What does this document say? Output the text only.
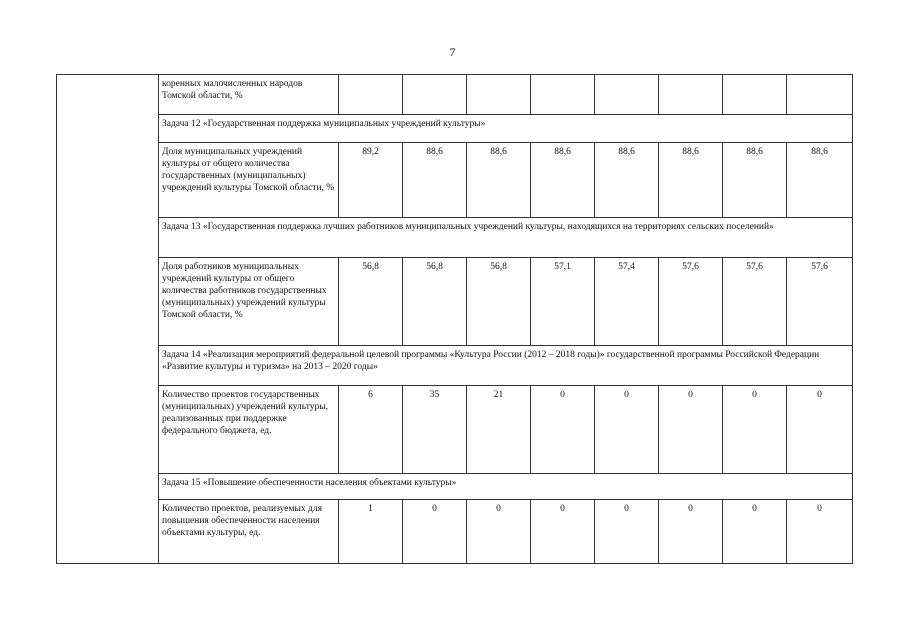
7
	коренных малочисленных народов Томской области, %								
	Задача 12 «Государственная поддержка муниципальных учреждений культуры»								
	Доля муниципальных учреждений культуры от общего количества государственных (муниципальных) учреждений культуры Томской области, %	89,2	88,6	88,6	88,6	88,6	88,6	88,6	88,6
	Задача 13 «Государственная поддержка лучших работников муниципальных учреждений культуры, находящихся на территориях сельских поселений»								
	Доля работников муниципальных учреждений культуры от общего количества работников государственных (муниципальных) учреждений культуры Томской области, %	56,8	56,8	56,8	57,1	57,4	57,6	57,6	57,6
	Задача 14 «Реализация мероприятий федеральной целевой программы «Культура России (2012 – 2018 годы)» государственной программы Российской Федерации «Развитие культуры и туризма» на 2013 – 2020 годы»								
	Количество проектов государственных (муниципальных) учреждений культуры, реализованных при поддержке федерального бюджета, ед.	6	35	21	0	0	0	0	0
	Задача 15 «Повышение обеспеченности населения объектами культуры»								
	Количество проектов, реализуемых для повышения обеспеченности населения объектами культуры, ед.	1	0	0	0	0	0	0	0
